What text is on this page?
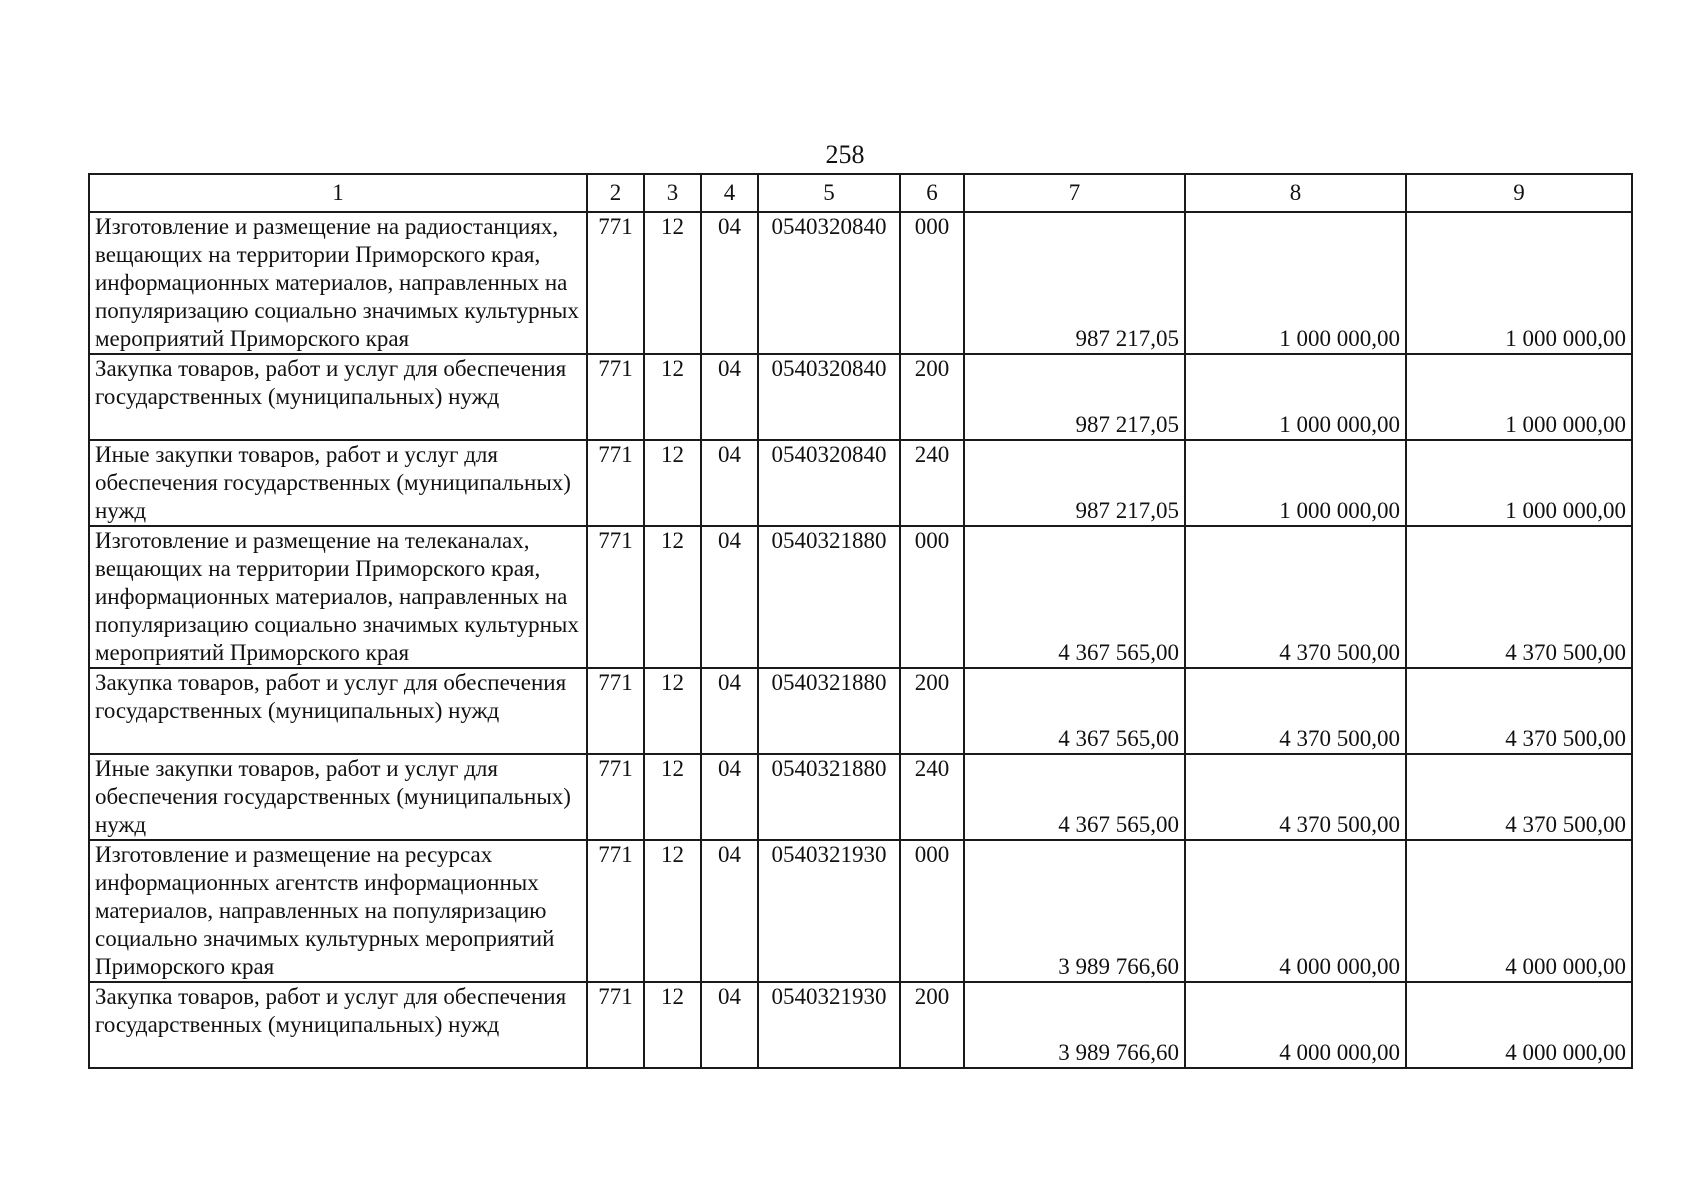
258
1	2	3	4	5	6	7	8	9
Изготовление и размещение на радиостанциях, вещающих на территории Приморского края, информационных материалов, направленных на популяризацию социально значимых культурных мероприятий Приморского края	771	12	04	0540320840	000	987 217,05	1 000 000,00	1 000 000,00
Закупка товаров, работ и услуг для обеспечения государственных (муниципальных) нужд	771	12	04	0540320840	200	987 217,05	1 000 000,00	1 000 000,00
Иные закупки товаров, работ и услуг для обеспечения государственных (муниципальных) нужд	771	12	04	0540320840	240	987 217,05	1 000 000,00	1 000 000,00
Изготовление и размещение на телеканалах, вещающих на территории Приморского края, информационных материалов, направленных на популяризацию социально значимых культурных мероприятий Приморского края	771	12	04	0540321880	000	4 367 565,00	4 370 500,00	4 370 500,00
Закупка товаров, работ и услуг для обеспечения государственных (муниципальных) нужд	771	12	04	0540321880	200	4 367 565,00	4 370 500,00	4 370 500,00
Иные закупки товаров, работ и услуг для обеспечения государственных (муниципальных) нужд	771	12	04	0540321880	240	4 367 565,00	4 370 500,00	4 370 500,00
Изготовление и размещение на ресурсах информационных агентств информационных материалов, направленных на популяризацию социально значимых культурных мероприятий Приморского края	771	12	04	0540321930	000	3 989 766,60	4 000 000,00	4 000 000,00
Закупка товаров, работ и услуг для обеспечения государственных (муниципальных) нужд	771	12	04	0540321930	200	3 989 766,60	4 000 000,00	4 000 000,00
